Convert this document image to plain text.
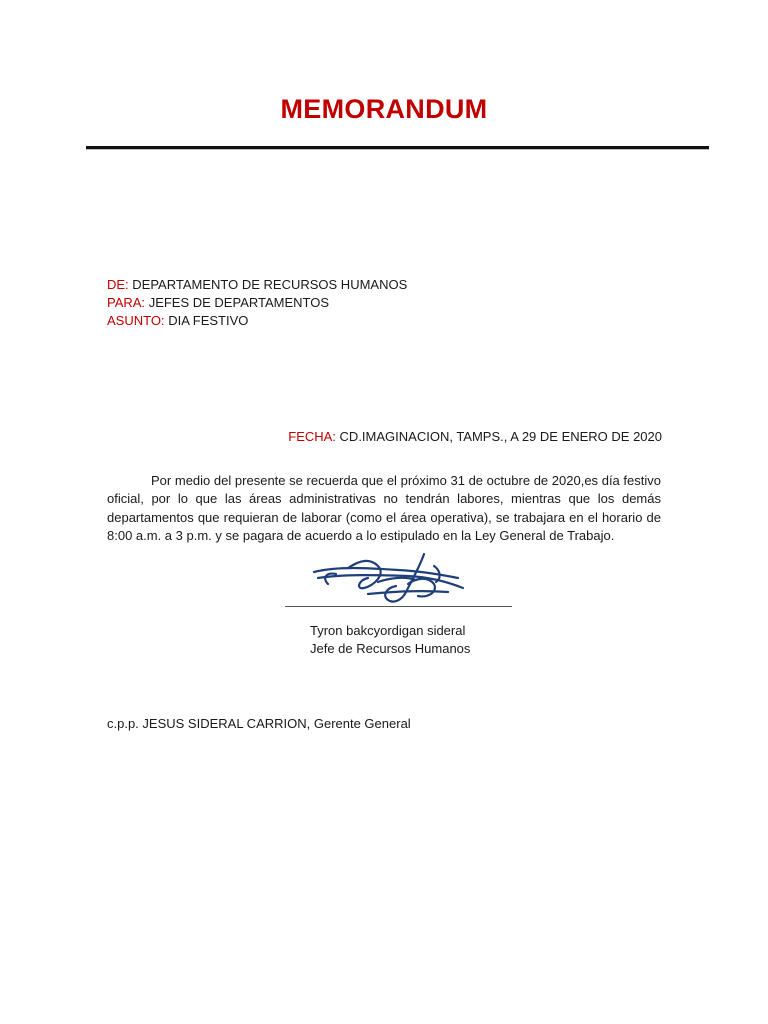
MEMORANDUM
DE: DEPARTAMENTO DE RECURSOS HUMANOS
PARA: JEFES DE DEPARTAMENTOS
ASUNTO: DIA FESTIVO
FECHA: CD.IMAGINACION, TAMPS., A 29 DE ENERO DE 2020

Por medio del presente se recuerda que el próximo 31 de octubre de 2020,es día festivo oficial, por lo que las áreas administrativas no tendrán labores, mientras que los demás departamentos que requieran de laborar (como el área operativa), se trabajara en el horario de 8:00 a.m. a 3 p.m. y se pagara de acuerdo a lo estipulado en la Ley General de Trabajo.

Tyron bakcyordigan sideral
Jefe de Recursos Humanos
c.p.p. JESUS SIDERAL CARRION, Gerente General
